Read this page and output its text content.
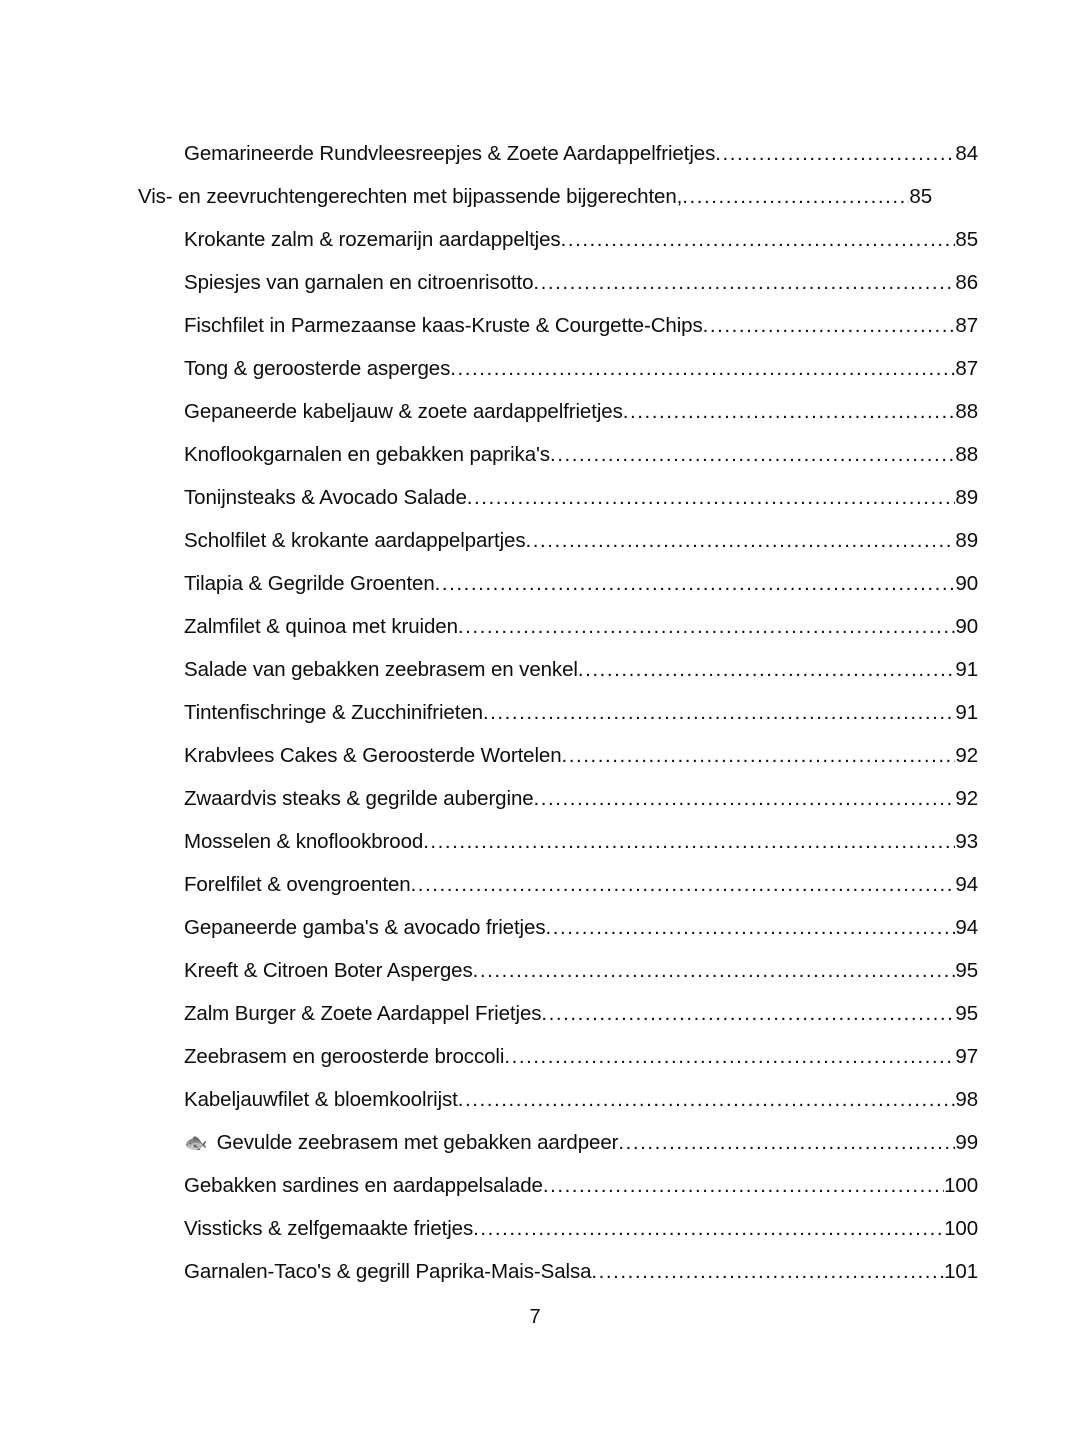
Gemarineerde Rundvleesreepjes & Zoete Aardappelfrietjes .....	84
Vis- en zeevruchtengerechten met bijpassende bijgerechten, .....	85
Krokante zalm & rozemarijn aardappeltjes .....	85
Spiesjes van garnalen en citroenrisotto .....	86
Fischfilet in Parmezaanse kaas-Kruste & Courgette-Chips .....	87
Tong & geroosterde asperges .....	87
Gepaneerde kabeljauw & zoete aardappelfrietjes .....	88
Knoflookgarnalen en gebakken paprika's .....	88
Tonijnsteaks & Avocado Salade .....	89
Scholfilet & krokante aardappelpartjes .....	89
Tilapia & Gegrilde Groenten .....	90
Zalmfilet & quinoa met kruiden .....	90
Salade van gebakken zeebrasem en venkel .....	91
Tintenfischringe & Zucchinifrieten .....	91
Krabvlees Cakes & Geroosterde Wortelen .....	92
Zwaardvis steaks & gegrilde aubergine .....	92
Mosselen & knoflookbrood .....	93
Forelfilet & ovengroenten .....	94
Gepaneerde gamba's & avocado frietjes .....	94
Kreeft & Citroen Boter Asperges .....	95
Zalm Burger & Zoete Aardappel Frietjes .....	95
Zeebrasem en geroosterde broccoli .....	97
Kabeljauwfilet & bloemkoolrijst .....	98
🐟 Gevulde zeebrasem met gebakken aardpeer .....	99
Gebakken sardines en aardappelsalade .....	100
Vissticks & zelfgemaakte frietjes .....	100
Garnalen-Taco's & gegrill Paprika-Mais-Salsa .....	101
7
